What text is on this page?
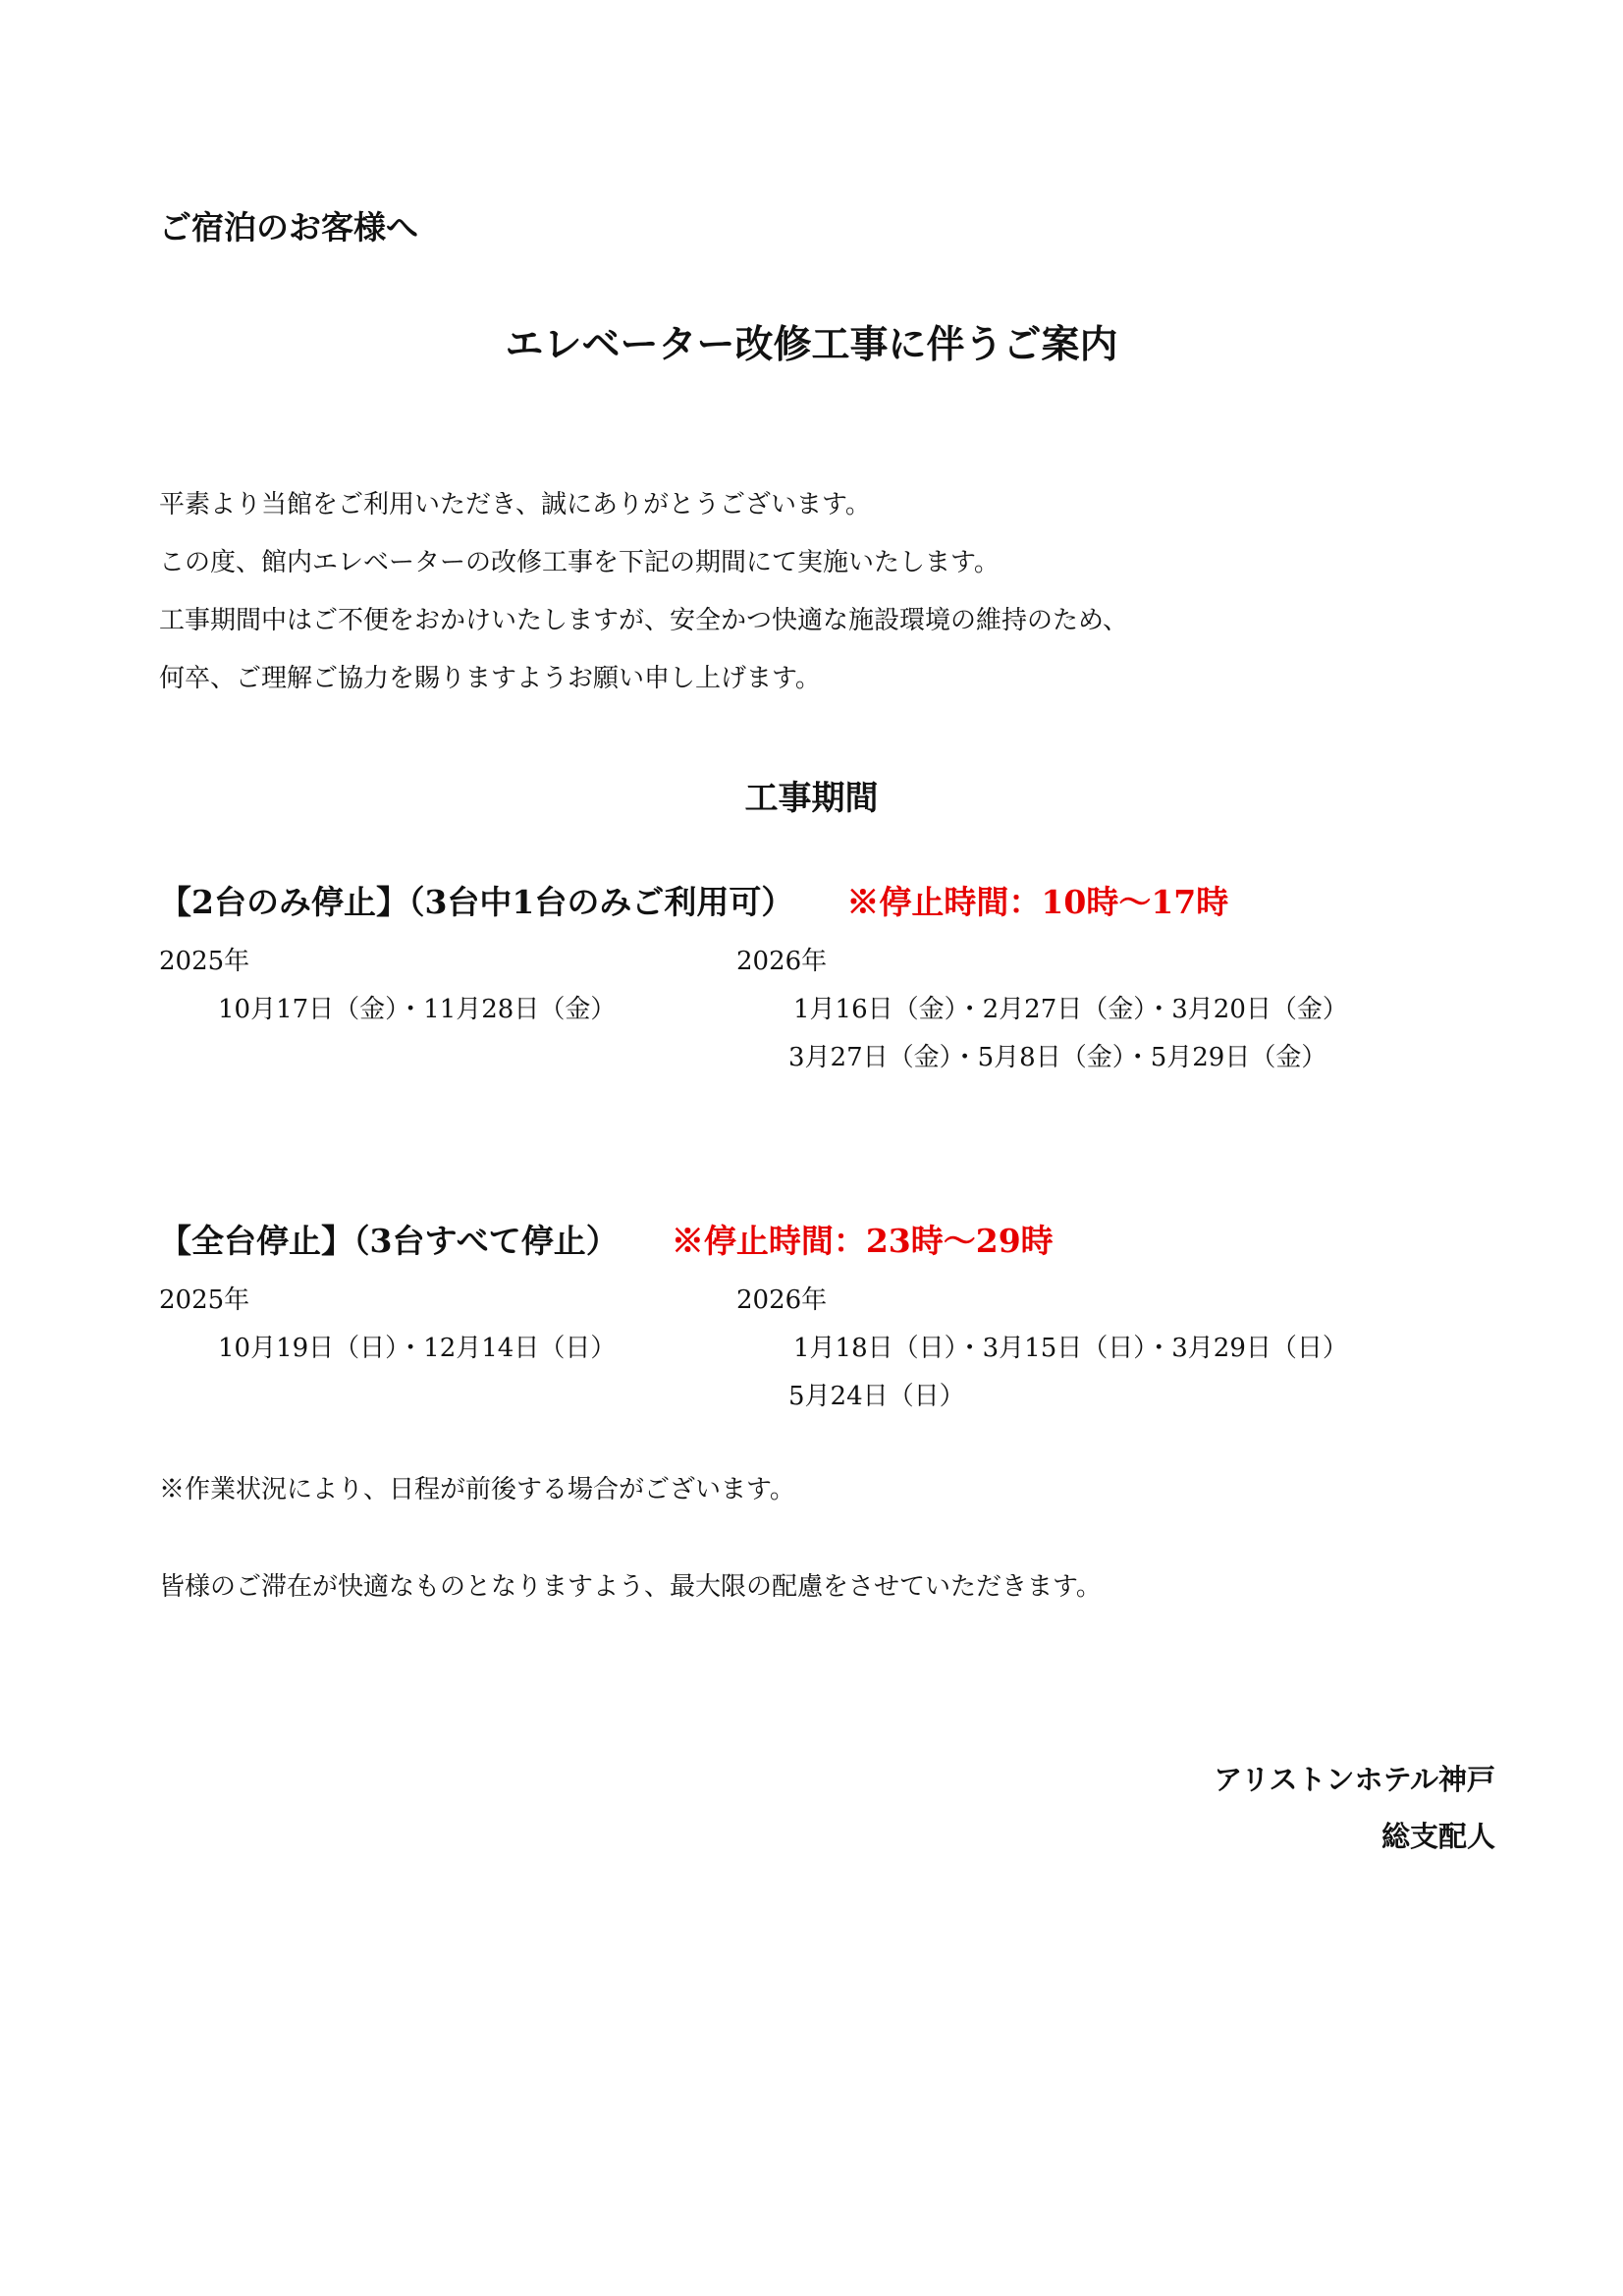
ご宿泊のお客様へ
エレベーター改修工事に伴うご案内
平素より当館をご利用いただき、誠にありがとうございます。
この度、館内エレベーターの改修工事を下記の期間にて実施いたします。
工事期間中はご不便をおかけいたしますが、安全かつ快適な施設環境の維持のため、
何卒、ご理解ご協力を賜りますようお願い申し上げます。
工事期間
【2台のみ停止】（3台中1台のみご利用可） ※停止時間：10時～17時
2025年
10月17日（金）・11月28日（金）
2026年
1月16日（金）・2月27日（金）・3月20日（金）
3月27日（金）・5月8日（金）・5月29日（金）
【全台停止】（3台すべて停止） ※停止時間：23時～29時
2025年
10月19日（日）・12月14日（日）
2026年
1月18日（日）・3月15日（日）・3月29日（日）
5月24日（日）
※作業状況により、日程が前後する場合がございます。
皆様のご滞在が快適なものとなりますよう、最大限の配慮をさせていただきます。
アリストンホテル神戸
総支配人
